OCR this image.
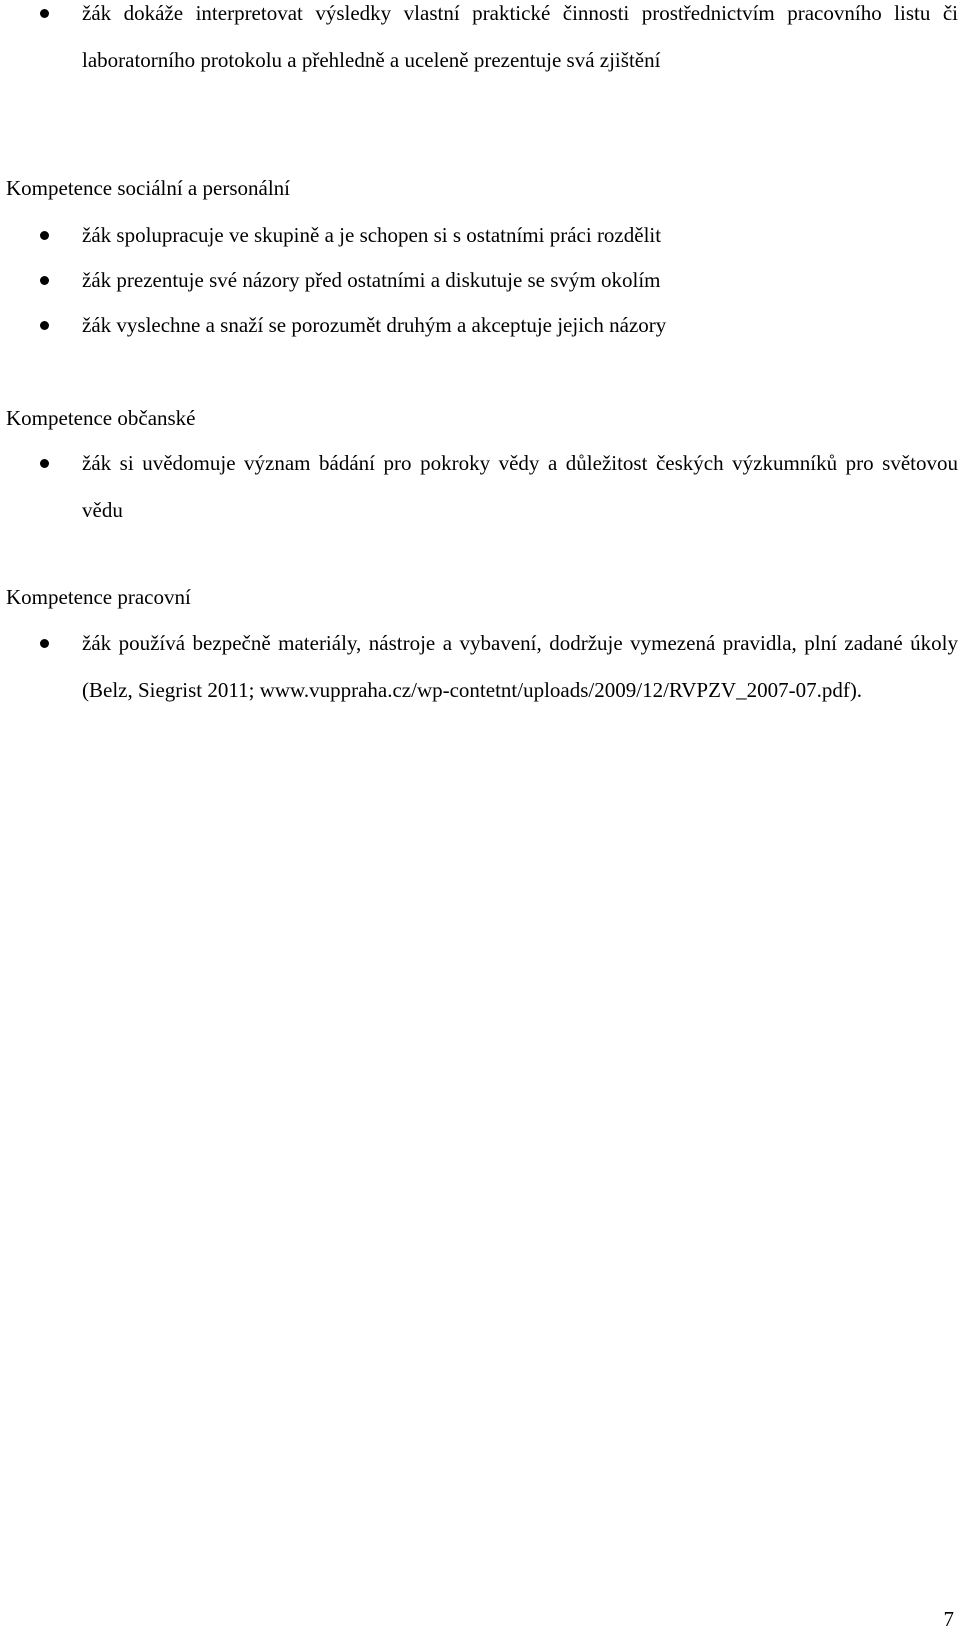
žák dokáže interpretovat výsledky vlastní praktické činnosti prostřednictvím pracovního listu či laboratorního protokolu a přehledně a uceleně prezentuje svá zjištění
Kompetence sociální a personální
žák spolupracuje ve skupině a je schopen si s ostatními práci rozdělit
žák prezentuje své názory před ostatními a diskutuje se svým okolím
žák vyslechne a snaží se porozumět druhým a akceptuje jejich názory
Kompetence občanské
žák si uvědomuje význam bádání pro pokroky vědy a důležitost českých výzkumníků pro světovou vědu
Kompetence pracovní
žák používá bezpečně materiály, nástroje a vybavení, dodržuje vymezená pravidla, plní zadané úkoly (Belz, Siegrist 2011; www.vuppraha.cz/wp-contetnt/uploads/2009/12/RVPZV_2007-07.pdf).
7
